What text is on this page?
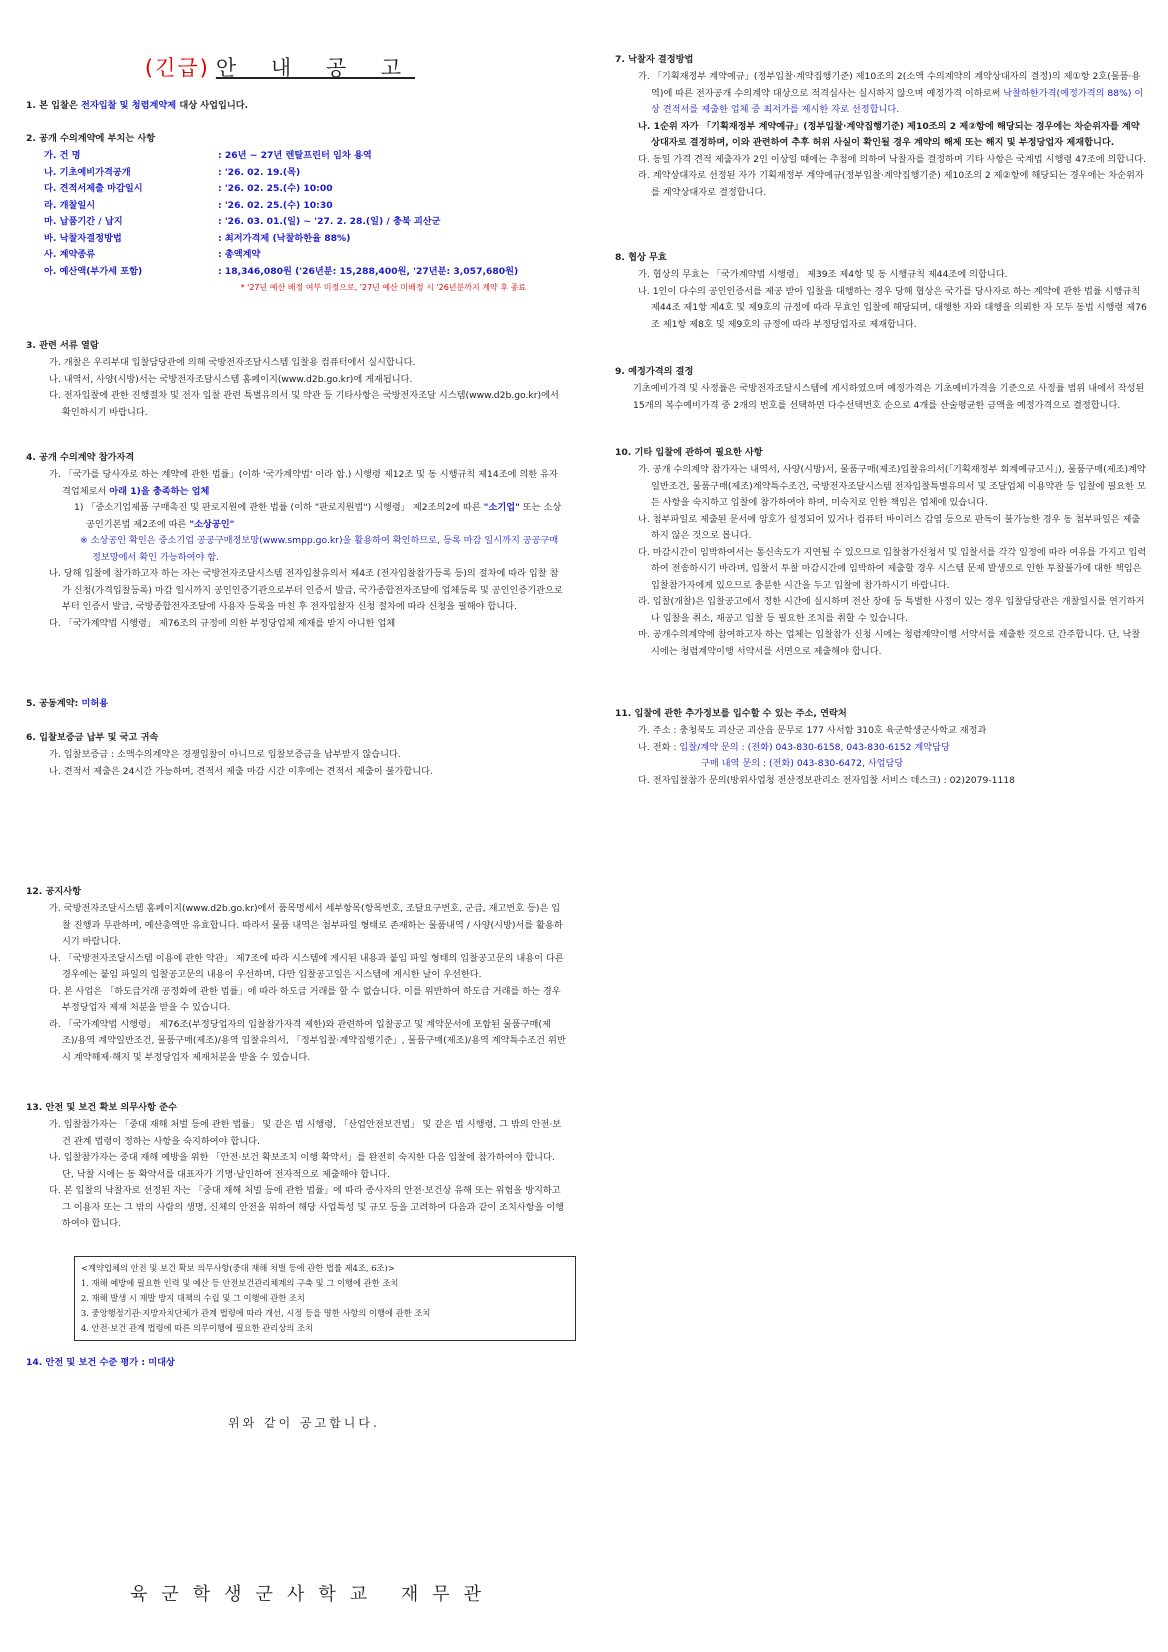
(긴급) 안 내 공 고
1. 본 입찰은 전자입찰 및 청렴계약제 대상 사업입니다.
2. 공개 수의계약에 부치는 사항
가. 건 명	: 26년 ~ 27년 렌탈프린터 임차 용역
나. 기초예비가격공개	: '26. 02. 19.(목)
다. 견적서제출 마감일시	: '26. 02. 25.(수) 10:00
라. 개찰일시	: '26. 02. 25.(수) 10:30
마. 납품기간 / 납지	: '26. 03. 01.(일) ~ '27. 2. 28.(일) / 충북 괴산군
바. 낙찰자결정방법	: 최저가격제 (낙찰하한율 88%)
사. 계약종류	: 총액계약
아. 예산액(부가세 포함)	: 18,346,080원 ('26년분: 15,288,400원, '27년분: 3,057,680원)
* '27년 예산 배정 여부 미정으로, '27년 예산 미배정 시 '26년분까지 계약 후 종료
3. 관련 서류 열람
가. 개찰은 우리부대 입찰담당관에 의해 국방전자조달시스템 입찰용 컴퓨터에서 실시합니다.
나. 내역서, 사양(시방)서는 국방전자조달시스템 홈페이지(www.d2b.go.kr)에 게재됩니다.
다. 전자입찰에 관한 진행절차 및 전자 입찰 관련 특별유의서 및 약관 등 기타사항은 국방전자조달 시스템(www.d2b.go.kr)에서 확인하시기 바랍니다.
4. 공개 수의계약 참가자격
가. 「국가를 당사자로 하는 계약에 관한 법률」(이하 '국가계약법' 이라 함.) 시행령 제12조 및 동 시행규칙 제14조에 의한 유자격업체로서 아래 1)을 충족하는 업체
1) 「중소기업제품 구매촉진 및 판로지원에 관한 법률 (이하 "판로지원법") 시행령」 제2조의2에 따른 "소기업" 또는 소상공인기본법 제2조에 따른 "소상공인"
※ 소상공인 확인은 중소기업 공공구매정보망(www.smpp.go.kr)을 활용하여 확인하므로, 등록 마감 일시까지 공공구매정보망에서 확인 가능하여야 함.
나. 당해 입찰에 참가하고자 하는 자는 국방전자조달시스템 전자입찰유의서 제4조 (전자입찰참가등록 등)의 절차에 따라 입찰 참가 신청(가격입찰등록) 마감 일시까지 공인인증기관으로부터 인증서 발급, 국가종합전자조달에 업체등록 및 공인인증기관으로부터 인증서 발급, 국방종합전자조달에 사용자 등록을 마친 후 전자입찰자 신청 절차에 따라 신청을 필해야 합니다.
다. 「국가계약법 시행령」 제76조의 규정에 의한 부정당업체 제재를 받지 아니한 업체
5. 공동계약: 미허용
6. 입찰보증금 납부 및 국고 귀속
가. 입찰보증금 : 소액수의계약은 경쟁입찰이 아니므로 입찰보증금을 납부받지 않습니다.
나. 견적서 제출은 24시간 가능하며, 견적서 제출 마감 시간 이후에는 견적서 제출이 불가합니다.
7. 낙찰자 결정방법
가. 「기획재정부 계약예규」(정부입찰·계약집행기준) 제10조의 2(소액 수의계약의 계약상대자의 결정)의 제①항 2호(물품·용역)에 따른 전자공개 수의계약 대상으로 적격심사는 실시하지 않으며 예정가격 이하로써 낙찰하한가격(예정가격의 88%) 이상 견적서를 제출한 업체 중 최저가를 제시한 자로 선정합니다.
나. 1순위 자가 「기획재정부 계약예규」(정부입찰·계약집행기준) 제10조의 2 제②항에 해당되는 경우에는 차순위자를 계약상대자로 결정하며, 이와 관련하여 추후 허위 사실이 확인될 경우 계약의 해제 또는 해지 및 부정당업자 제재합니다.
다. 동일 가격 견적 제출자가 2인 이상일 때에는 추첨에 의하여 낙찰자를 결정하며 기타 사항은 국계법 시행령 47조에 의합니다.
라. 계약상대자로 선정된 자가 기획재정부 계약예규(정부입찰·계약집행기준) 제10조의 2 제②항에 해당되는 경우에는 차순위자를 계약상대자로 결정합니다.
8. 협상 무효
가. 협상의 무효는 「국가계약법 시행령」 제39조 제4항 및 동 시행규칙 제44조에 의합니다.
나. 1인이 다수의 공인인증서를 제공 받아 입찰을 대행하는 경우 당해 협상은 국가를 당사자로 하는 계약에 관한 법률 시행규칙 제44조 제1항 제4호 및 제9호의 규정에 따라 무효인 입찰에 해당되며, 대행한 자와 대행을 의뢰한 자 모두 동법 시행령 제76조 제1항 제8호 및 제9호의 규정에 따라 부정당업자로 제재합니다.
9. 예정가격의 결정
기초예비가격 및 사정률은 국방전자조달시스템에 게시하였으며 예정가격은 기초예비가격을 기준으로 사정률 범위 내에서 작성된 15개의 복수예비가격 중 2개의 번호를 선택하면 다수선택번호 순으로 4개를 산술평균한 금액을 예정가격으로 결정합니다.
10. 기타 입찰에 관하여 필요한 사항
가. 공개 수의계약 참가자는 내역서, 사양(시방)서, 물품구매(제조)입찰유의서(「기획재정부 회계예규고시」), 물품구매(제조)계약일반조건, 물품구매(제조)계약특수조건, 국방전자조달시스템 전자입찰특별유의서 및 조달업체 이용약관 등 입찰에 필요한 모든 사항을 숙지하고 입찰에 참가하여야 하며, 미숙지로 인한 책임은 업체에 있습니다.
나. 첨부파일로 제출된 문서에 암호가 설정되어 있거나 컴퓨터 바이러스 감염 등으로 판독이 불가능한 경우 동 첨부파일은 제출하지 않은 것으로 봅니다.
다. 마감시간이 임박하여서는 통신속도가 지연될 수 있으므로 입찰참가신청서 및 입찰서를 각각 일정에 따라 여유를 가지고 입력하여 전송하시기 바라며, 입찰서 투찰 마감시간에 임박하여 제출할 경우 시스템 문제 발생으로 인한 투찰불가에 대한 책임은 입찰참가자에게 있으므로 충분한 시간을 두고 입찰에 참가하시기 바랍니다.
라. 입찰(개찰)은 입찰공고에서 정한 시간에 실시하며 전산 장애 등 특별한 사정이 있는 경우 입찰담당관은 개찰일시를 연기하거나 입찰을 취소, 재공고 입찰 등 필요한 조치를 취할 수 있습니다.
마. 공개수의계약에 참여하고자 하는 업체는 입찰참가 신청 시에는 청렴계약이행 서약서를 제출한 것으로 간주합니다. 단, 낙찰 시에는 청렴계약이행 서약서를 서면으로 제출해야 합니다.
11. 입찰에 관한 추가정보를 입수할 수 있는 주소, 연락처
가. 주소 : 충청북도 괴산군 괴산읍 문무로 177 사서함 310호 육군학생군사학교 재정과
나. 전화 : 입찰/계약 문의 : (전화) 043-830-6158, 043-830-6152 계약담당
구매 내역 문의 : (전화) 043-830-6472, 사업담당
다. 전자입찰참가 문의(방위사업청 전산정보관리소 전자입찰 서비스 데스크) : 02)2079-1118
12. 공지사항
가. 국방전자조달시스템 홈페이지(www.d2b.go.kr)에서 품목명세서 세부항목(항목번호, 조달요구번호, 군급, 재고번호 등)은 입찰 진행과 무관하며, 예산총액만 유효합니다. 따라서 물품 내역은 첨부파일 형태로 존재하는 물품내역 / 사양(시방)서를 활용하시기 바랍니다.
나. 「국방전자조달시스템 이용에 관한 약관」 제7조에 따라 시스템에 게시된 내용과 붙임 파일 형태의 입찰공고문의 내용이 다른 경우에는 붙임 파일의 입찰공고문의 내용이 우선하며, 다만 입찰공고일은 시스템에 게시한 날이 우선한다.
다. 본 사업은 「하도급거래 공정화에 관한 법률」에 따라 하도급 거래를 할 수 없습니다. 이를 위반하여 하도급 거래를 하는 경우 부정당업자 제재 처분을 받을 수 있습니다.
라. 「국가계약법 시행령」 제76조(부정당업자의 입찰참가자격 제한)와 관련하여 입찰공고 및 계약문서에 포함된 물품구매(제조)/용역 계약일반조건, 물품구매(제조)/용역 입찰유의서, 「정부입찰·계약집행기준」, 물품구매(제조)/용역 계약특수조건 위반 시 계약해제·해지 및 부정당업자 제재처분을 받을 수 있습니다.
13. 안전 및 보건 확보 의무사항 준수
가. 입찰참가자는 「중대 재해 처벌 등에 관한 법률」 및 같은 법 시행령, 「산업안전보건법」 및 같은 법 시행령, 그 밖의 안전·보건 관계 법령이 정하는 사항을 숙지하여야 합니다.
나. 입찰참가자는 중대 재해 예방을 위한 「안전·보건 확보조치 이행 확약서」를 완전히 숙지한 다음 입찰에 참가하여야 합니다. 단, 낙찰 시에는 동 확약서를 대표자가 기명·날인하여 전자적으로 제출해야 합니다.
다. 본 입찰의 낙찰자로 선정된 자는 「중대 재해 처벌 등에 관한 법률」에 따라 종사자의 안전·보건상 유해 또는 위험을 방지하고 그 이용자 또는 그 밖의 사람의 생명, 신체의 안전을 위하여 해당 사업특성 및 규모 등을 고려하여 다음과 같이 조치사항을 이행하여야 합니다.
<계약업체의 안전 및 보건 확보 의무사항(중대 재해 처벌 등에 관한 법률 제4조, 6조)>
1. 재해 예방에 필요한 인력 및 예산 등 안전보건관리체계의 구축 및 그 이행에 관한 조치
2. 재해 발생 시 재발 방지 대책의 수립 및 그 이행에 관한 조치
3. 중앙행정기관·지방자치단체가 관계 법령에 따라 개선, 시정 등을 명한 사항의 이행에 관한 조치
4. 안전·보건 관계 법령에 따른 의무이행에 필요한 관리상의 조치
14. 안전 및 보건 수준 평가 : 미대상
위와 같이 공고합니다.
육군학생군사학교 재무관
